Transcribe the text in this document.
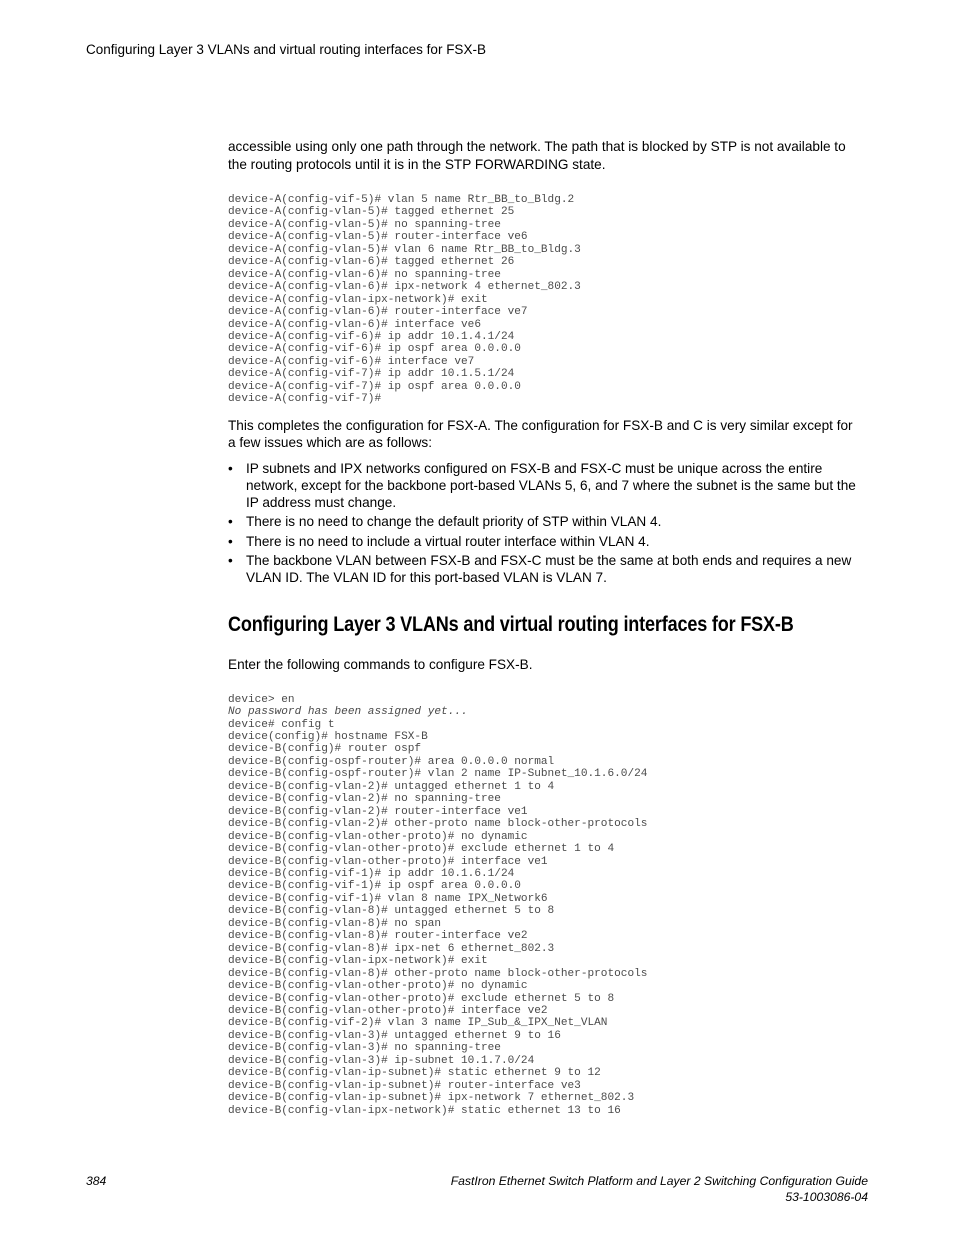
Configuring Layer 3 VLANs and virtual routing interfaces for FSX-B

accessible using only one path through the network. The path that is blocked by STP is not available to the routing protocols until it is in the STP FORWARDING state.

device-A(config-vif-5)# vlan 5 name Rtr_BB_to_Bldg.2
device-A(config-vlan-5)# tagged ethernet 25
device-A(config-vlan-5)# no spanning-tree
device-A(config-vlan-5)# router-interface ve6
device-A(config-vlan-5)# vlan 6 name Rtr_BB_to_Bldg.3
device-A(config-vlan-6)# tagged ethernet 26
device-A(config-vlan-6)# no spanning-tree
device-A(config-vlan-6)# ipx-network 4 ethernet_802.3
device-A(config-vlan-ipx-network)# exit
device-A(config-vlan-6)# router-interface ve7
device-A(config-vlan-6)# interface ve6
device-A(config-vif-6)# ip addr 10.1.4.1/24
device-A(config-vif-6)# ip ospf area 0.0.0.0
device-A(config-vif-6)# interface ve7
device-A(config-vif-7)# ip addr 10.1.5.1/24
device-A(config-vif-7)# ip ospf area 0.0.0.0
device-A(config-vif-7)#

This completes the configuration for FSX-A. The configuration for FSX-B and C is very similar except for a few issues which are as follows:

• IP subnets and IPX networks configured on FSX-B and FSX-C must be unique across the entire network, except for the backbone port-based VLANs 5, 6, and 7 where the subnet is the same but the IP address must change.
• There is no need to change the default priority of STP within VLAN 4.
• There is no need to include a virtual router interface within VLAN 4.
• The backbone VLAN between FSX-B and FSX-C must be the same at both ends and requires a new VLAN ID. The VLAN ID for this port-based VLAN is VLAN 7.
Configuring Layer 3 VLANs and virtual routing interfaces for FSX-B

Enter the following commands to configure FSX-B.

device> en
No password has been assigned yet...
device# config t
device(config)# hostname FSX-B
device-B(config)# router ospf
device-B(config-ospf-router)# area 0.0.0.0 normal
device-B(config-ospf-router)# vlan 2 name IP-Subnet_10.1.6.0/24
device-B(config-vlan-2)# untagged ethernet 1 to 4
device-B(config-vlan-2)# no spanning-tree
device-B(config-vlan-2)# router-interface ve1
device-B(config-vlan-2)# other-proto name block-other-protocols
device-B(config-vlan-other-proto)# no dynamic
device-B(config-vlan-other-proto)# exclude ethernet 1 to 4
device-B(config-vlan-other-proto)# interface ve1
device-B(config-vif-1)# ip addr 10.1.6.1/24
device-B(config-vif-1)# ip ospf area 0.0.0.0
device-B(config-vif-1)# vlan 8 name IPX_Network6
device-B(config-vlan-8)# untagged ethernet 5 to 8
device-B(config-vlan-8)# no span
device-B(config-vlan-8)# router-interface ve2
device-B(config-vlan-8)# ipx-net 6 ethernet_802.3
device-B(config-vlan-ipx-network)# exit
device-B(config-vlan-8)# other-proto name block-other-protocols
device-B(config-vlan-other-proto)# no dynamic
device-B(config-vlan-other-proto)# exclude ethernet 5 to 8
device-B(config-vlan-other-proto)# interface ve2
device-B(config-vif-2)# vlan 3 name IP_Sub_&_IPX_Net_VLAN
device-B(config-vlan-3)# untagged ethernet 9 to 16
device-B(config-vlan-3)# no spanning-tree
device-B(config-vlan-3)# ip-subnet 10.1.7.0/24
device-B(config-vlan-ip-subnet)# static ethernet 9 to 12
device-B(config-vlan-ip-subnet)# router-interface ve3
device-B(config-vlan-ip-subnet)# ipx-network 7 ethernet_802.3
device-B(config-vlan-ipx-network)# static ethernet 13 to 16
384	FastIron Ethernet Switch Platform and Layer 2 Switching Configuration Guide
53-1003086-04
